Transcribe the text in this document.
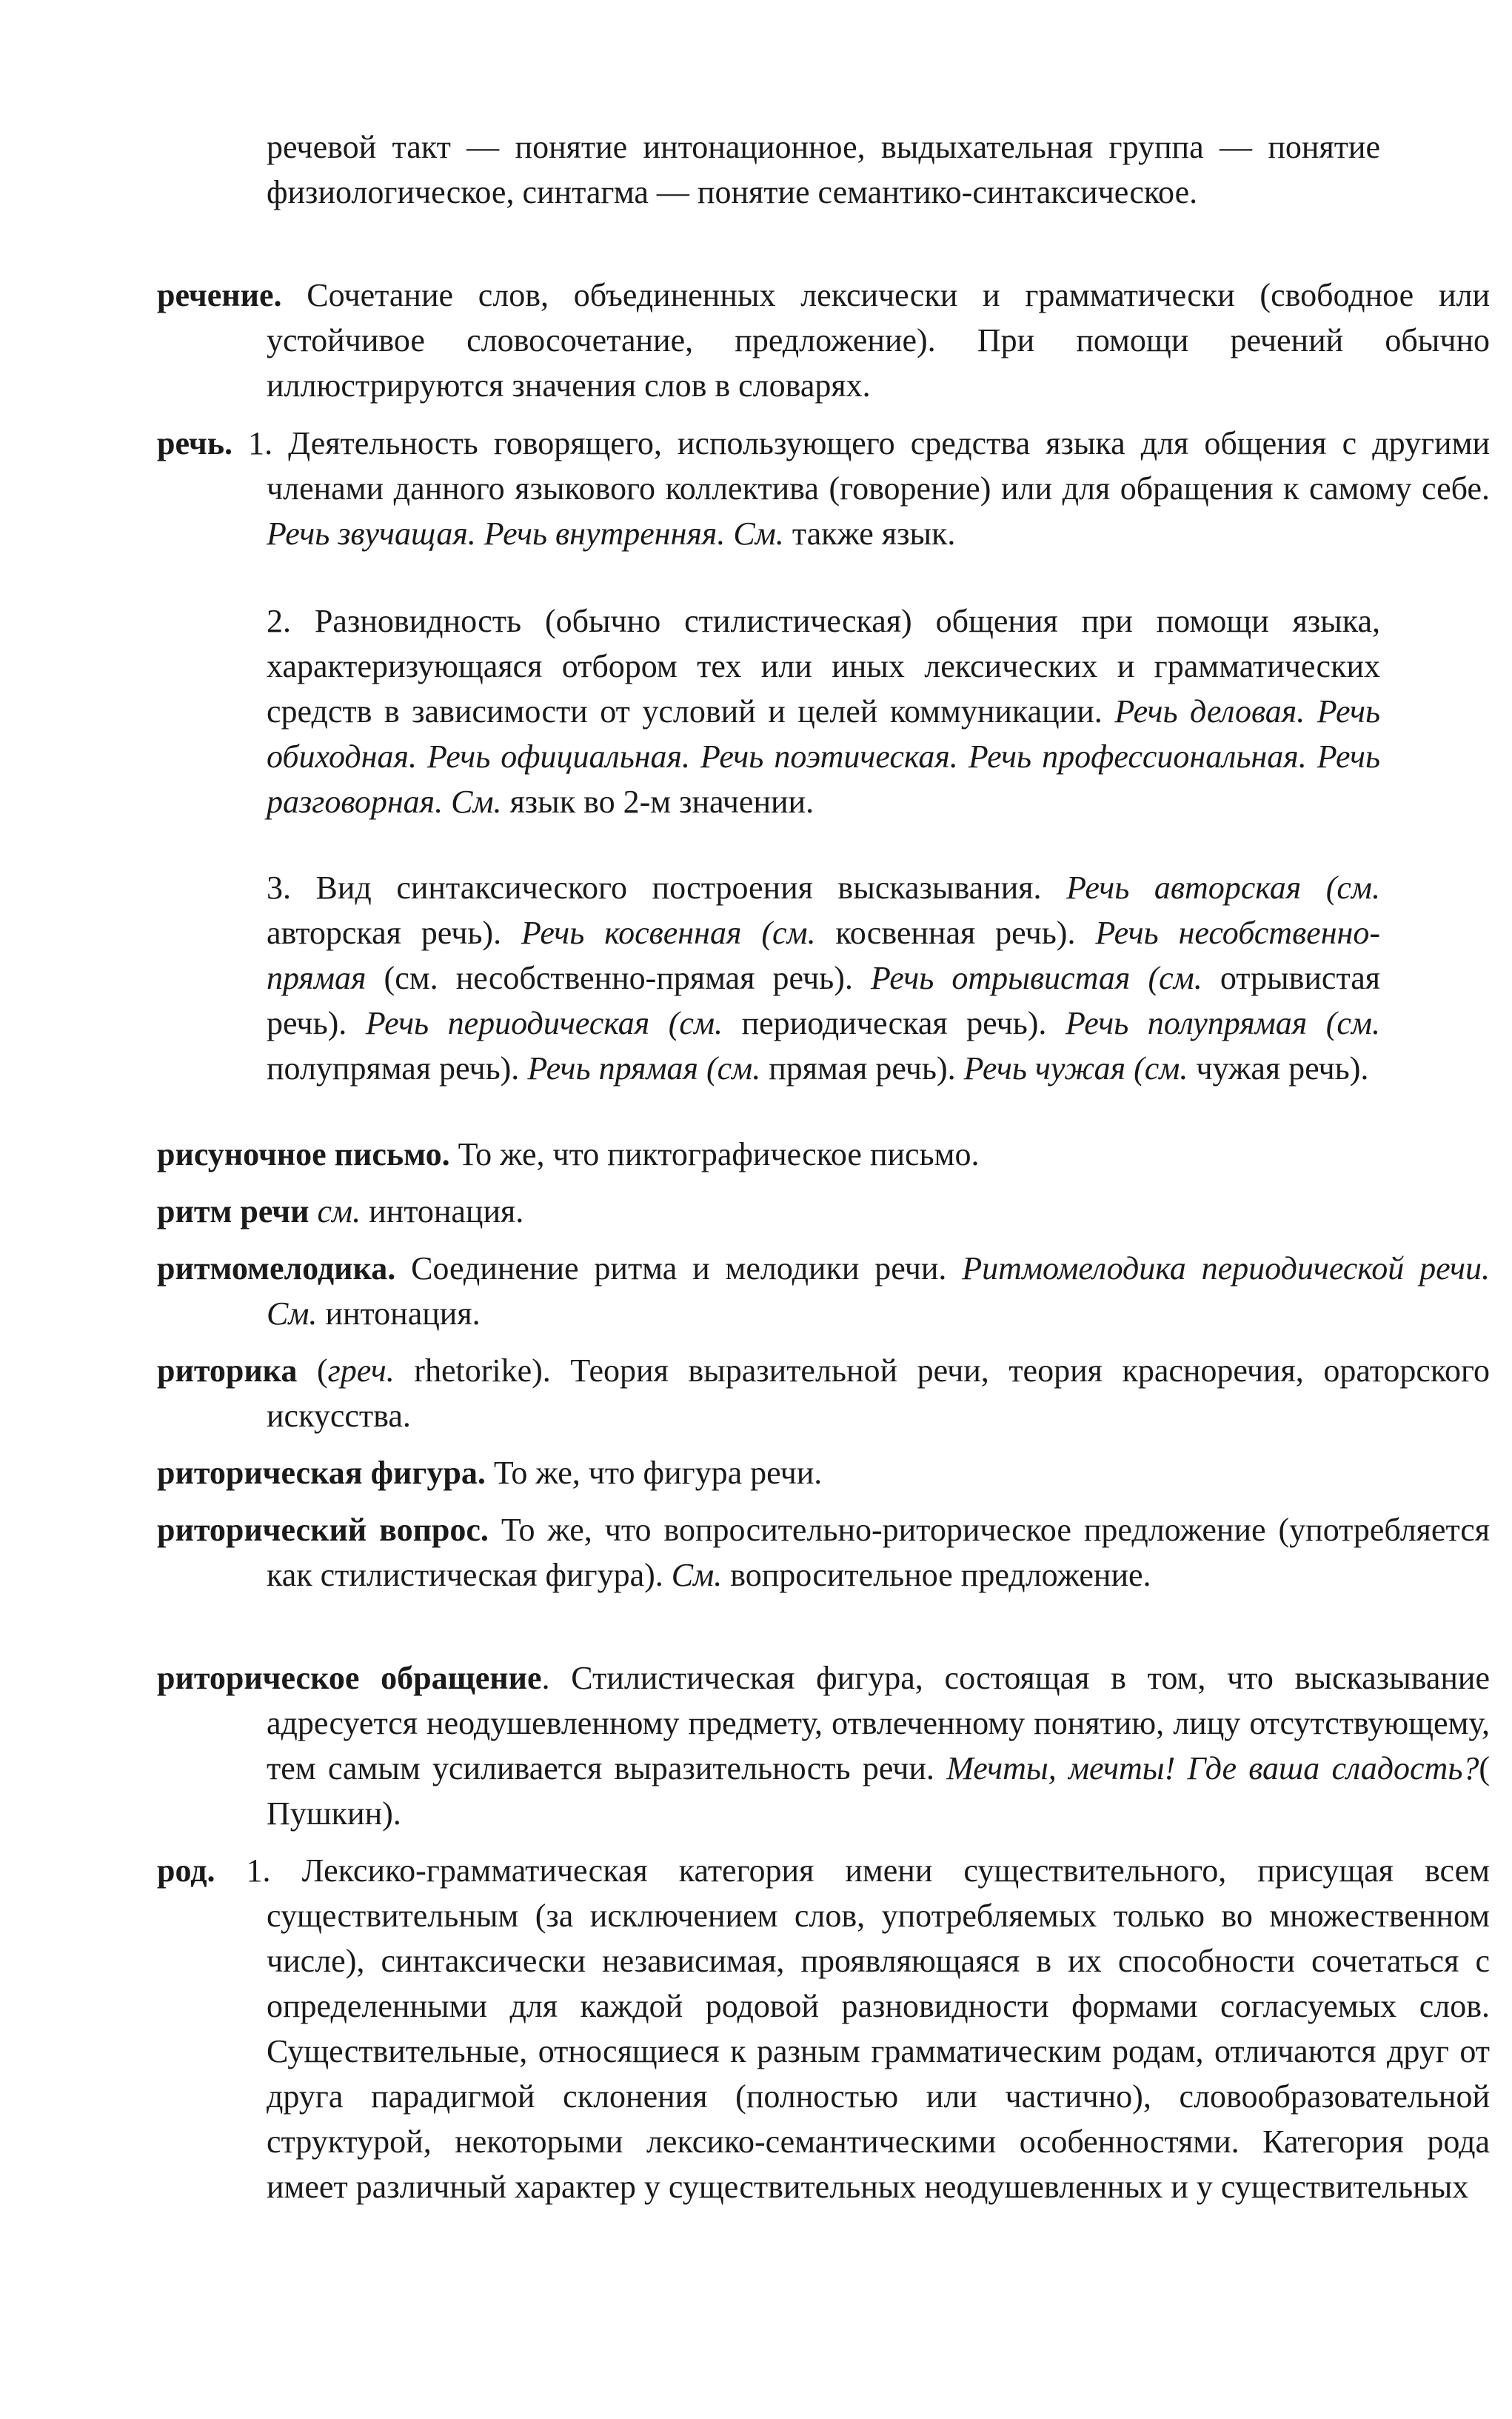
речевой такт — понятие интонационное, выдыхательная группа — понятие физиологическое, синтагма — понятие семантико-синтаксическое.

речение. Сочетание слов, объединенных лексически и грамматически (свободное или устойчивое словосочетание, предложение). При помощи речений обычно иллюстрируются значения слов в словарях.

речь. 1. Деятельность говорящего, использующего средства языка для общения с другими членами данного языкового коллектива (говорение) или для обращения к самому себе. Речь звучащая. Речь внутренняя. См. также язык.

2. Разновидность (обычно стилистическая) общения при помощи языка, характеризующаяся отбором тех или иных лексических и грамматических средств в зависимости от условий и целей коммуникации. Речь деловая. Речь обиходная. Речь официальная. Речь поэтическая. Речь профессиональная. Речь разговорная. См. язык во 2-м значении.

3. Вид синтаксического построения высказывания. Речь авторская (см. авторская речь). Речь косвенная (см. косвенная речь). Речь несобственно-прямая (см. несобственно-прямая речь). Речь отрывистая (см. отрывистая речь). Речь периодическая (см. периодическая речь). Речь полупрямая (см. полупрямая речь). Речь прямая (см. прямая речь). Речь чужая (см. чужая речь).

рисуночное письмо. То же, что пиктографическое письмо.

ритм речи см. интонация.

ритмомелодика. Соединение ритма и мелодики речи. Ритмомелодика периодической речи. См. интонация.

риторика (греч. rhetorike). Теория выразительной речи, теория красноречия, ораторского искусства.

риторическая фигура. То же, что фигура речи.

риторический вопрос. То же, что вопросительно-риторическое предложение (употребляется как стилистическая фигура). См. вопросительное предложение.

риторическое обращение. Стилистическая фигура, состоящая в том, что высказывание адресуется неодушевленному предмету, отвлеченному понятию, лицу отсутствующему, тем самым усиливается выразительность речи. Мечты, мечты! Где ваша сладость?( Пушкин).

род. 1. Лексико-грамматическая категория имени существительного, присущая всем существительным (за исключением слов, употребляемых только во множественном числе), синтаксически независимая, проявляющаяся в их способности сочетаться с определенными для каждой родовой разновидности формами согласуемых слов. Существительные, относящиеся к разным грамматическим родам, отличаются друг от друга парадигмой склонения (полностью или частично), словообразовательной структурой, некоторыми лексико-семантическими особенностями. Категория рода имеет различный характер у существительных неодушевленных и у существительных
